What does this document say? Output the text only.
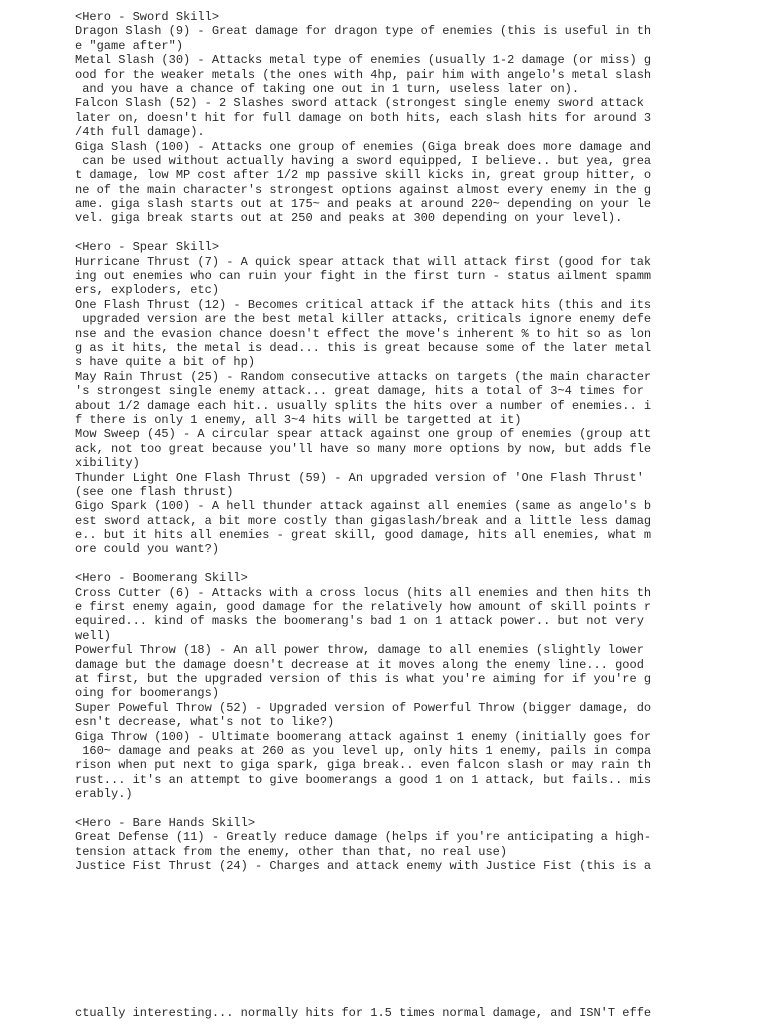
<Hero - Sword Skill>
Dragon Slash (9) - Great damage for dragon type of enemies (this is useful in th
e "game after")
Metal Slash (30) - Attacks metal type of enemies (usually 1-2 damage (or miss) g
ood for the weaker metals (the ones with 4hp, pair him with angelo's metal slash
and you have a chance of taking one out in 1 turn, useless later on).
Falcon Slash (52) - 2 Slashes sword attack (strongest single enemy sword attack
later on, doesn't hit for full damage on both hits, each slash hits for around 3
/4th full damage).
Giga Slash (100) - Attacks one group of enemies (Giga break does more damage and
can be used without actually having a sword equipped, I believe.. but yea, grea
t damage, low MP cost after 1/2 mp passive skill kicks in, great group hitter, o
ne of the main character's strongest options against almost every enemy in the g
ame. giga slash starts out at 175~ and peaks at around 220~ depending on your le
vel. giga break starts out at 250 and peaks at 300 depending on your level).
<Hero - Spear Skill>
Hurricane Thrust (7) - A quick spear attack that will attack first (good for tak
ing out enemies who can ruin your fight in the first turn - status ailment spamm
ers, exploders, etc)
One Flash Thrust (12) - Becomes critical attack if the attack hits (this and its
upgraded version are the best metal killer attacks, criticals ignore enemy defe
nse and the evasion chance doesn't effect the move's inherent % to hit so as lon
g as it hits, the metal is dead... this is great because some of the later metal
s have quite a bit of hp)
May Rain Thrust (25) - Random consecutive attacks on targets (the main character
's strongest single enemy attack... great damage, hits a total of 3~4 times for
about 1/2 damage each hit.. usually splits the hits over a number of enemies.. i
f there is only 1 enemy, all 3~4 hits will be targetted at it)
Mow Sweep (45) - A circular spear attack against one group of enemies (group att
ack, not too great because you'll have so many more options by now, but adds fle
xibility)
Thunder Light One Flash Thrust (59) - An upgraded version of 'One Flash Thrust'
(see one flash thrust)
Gigo Spark (100) - A hell thunder attack against all enemies (same as angelo's b
est sword attack, a bit more costly than gigaslash/break and a little less damag
e.. but it hits all enemies - great skill, good damage, hits all enemies, what m
ore could you want?)
<Hero - Boomerang Skill>
Cross Cutter (6) - Attacks with a cross locus (hits all enemies and then hits th
e first enemy again, good damage for the relatively how amount of skill points r
equired... kind of masks the boomerang's bad 1 on 1 attack power.. but not very
well)
Powerful Throw (18) - An all power throw, damage to all enemies (slightly lower
damage but the damage doesn't decrease at it moves along the enemy line... good
at first, but the upgraded version of this is what you're aiming for if you're g
oing for boomerangs)
Super Poweful Throw (52) - Upgraded version of Powerful Throw (bigger damage, do
esn't decrease, what's not to like?)
Giga Throw (100) - Ultimate boomerang attack against 1 enemy (initially goes for
160~ damage and peaks at 260 as you level up, only hits 1 enemy, pails in compa
rison when put next to giga spark, giga break.. even falcon slash or may rain th
rust... it's an attempt to give boomerangs a good 1 on 1 attack, but fails.. mis
erably.)
<Hero - Bare Hands Skill>
Great Defense (11) - Greatly reduce damage (helps if you're anticipating a high-
tension attack from the enemy, other than that, no real use)
Justice Fist Thrust (24) - Charges and attack enemy with Justice Fist (this is a
ctually interesting... normally hits for 1.5 times normal damage, and ISN'T effe
